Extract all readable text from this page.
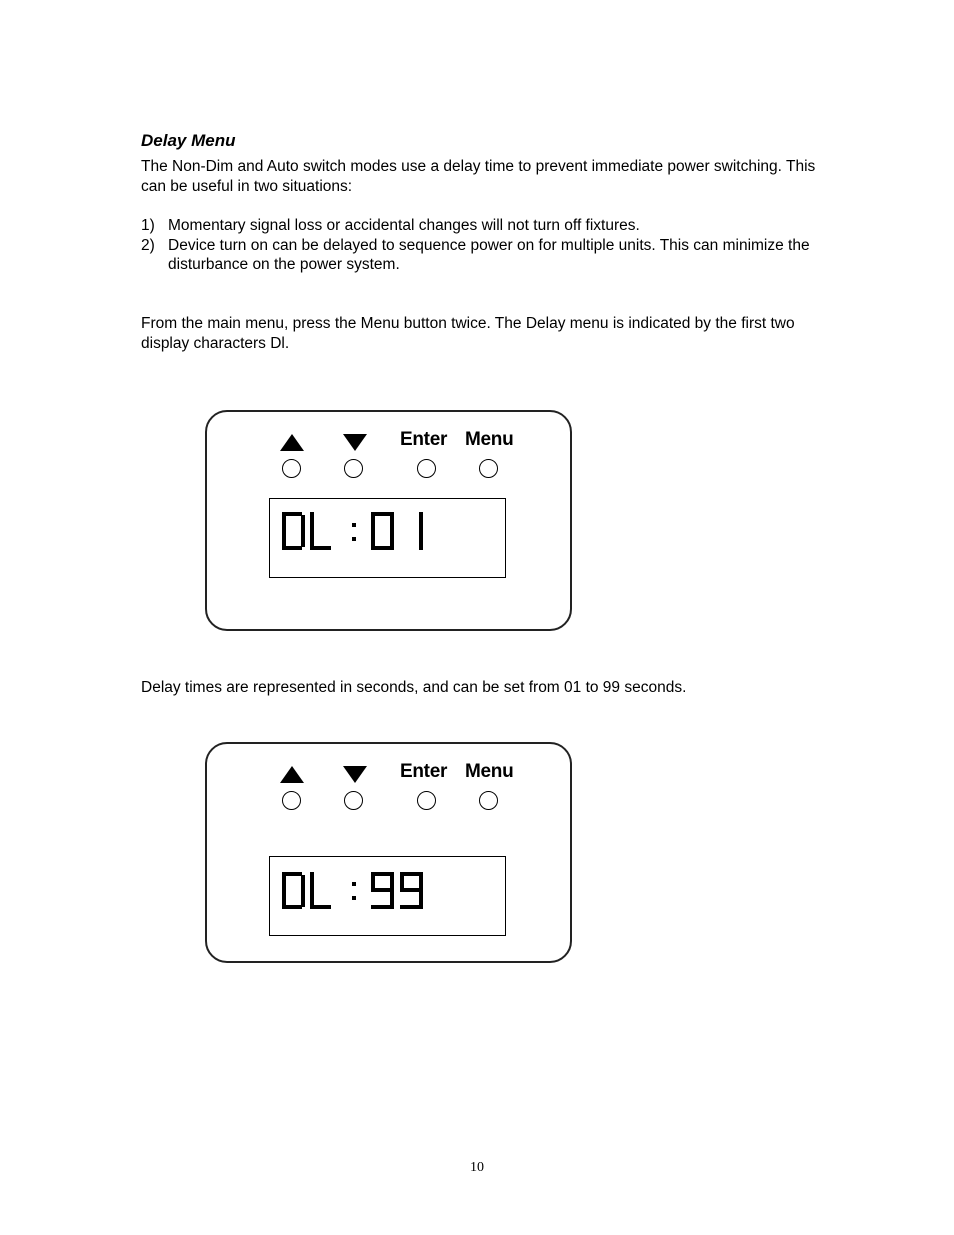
Delay Menu

The Non-Dim and Auto switch modes use a delay time to prevent immediate power switching. This can be useful in two situations:

1) Momentary signal loss or accidental changes will not turn off fixtures.
2) Device turn on can be delayed to sequence power on for multiple units. This can minimize the disturbance on the power system.

From the main menu, press the Menu button twice. The Delay menu is indicated by the first two display characters Dl.

Enter Menu

Delay times are represented in seconds, and can be set from 01 to 99 seconds.

Enter Menu
10
